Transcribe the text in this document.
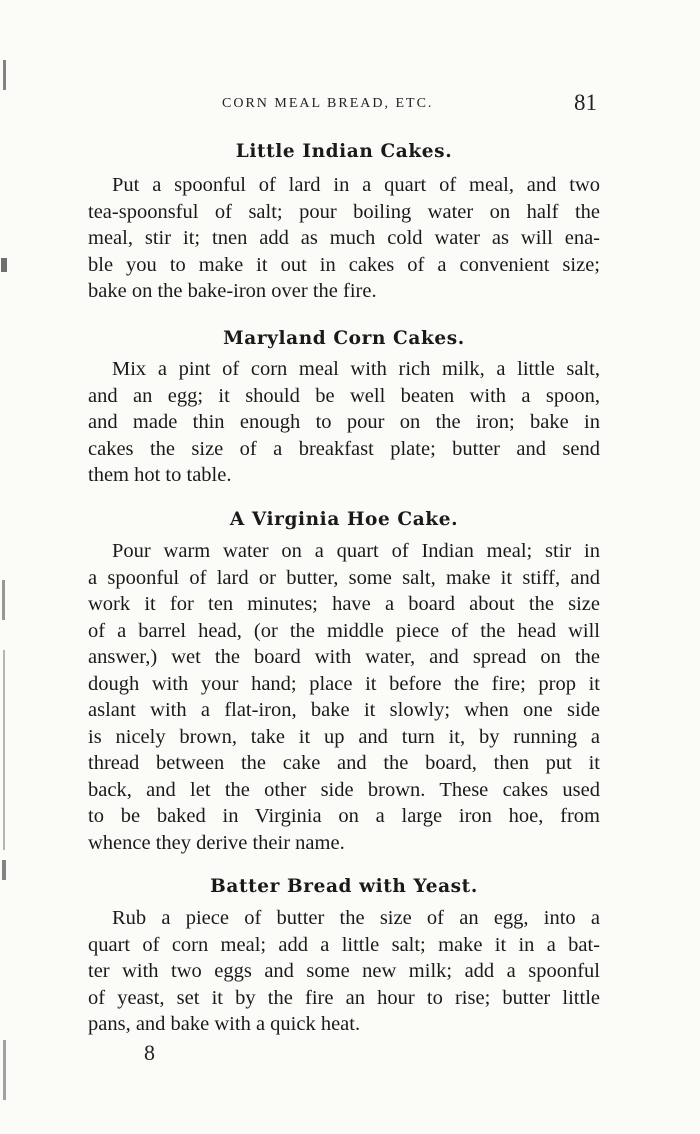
CORN MEAL BREAD, ETC.	81
Little Indian Cakes.
Put a spoonful of lard in a quart of meal, and two
tea-spoonsful of salt; pour boiling water on half the
meal, stir it; tnen add as much cold water as will ena-
ble you to make it out in cakes of a convenient size;
bake on the bake-iron over the fire.
Maryland Corn Cakes.
Mix a pint of corn meal with rich milk, a little salt,
and an egg; it should be well beaten with a spoon,
and made thin enough to pour on the iron; bake in
cakes the size of a breakfast plate; butter and send
them hot to table.
A Virginia Hoe Cake.
Pour warm water on a quart of Indian meal; stir in
a spoonful of lard or butter, some salt, make it stiff, and
work it for ten minutes; have a board about the size
of a barrel head, (or the middle piece of the head will
answer,) wet the board with water, and spread on the
dough with your hand; place it before the fire; prop it
aslant with a flat-iron, bake it slowly; when one side
is nicely brown, take it up and turn it, by running a
thread between the cake and the board, then put it
back, and let the other side brown. These cakes used
to be baked in Virginia on a large iron hoe, from
whence they derive their name.
Batter Bread with Yeast.
Rub a piece of butter the size of an egg, into a
quart of corn meal; add a little salt; make it in a bat-
ter with two eggs and some new milk; add a spoonful
of yeast, set it by the fire an hour to rise; butter little
pans, and bake with a quick heat.
8
